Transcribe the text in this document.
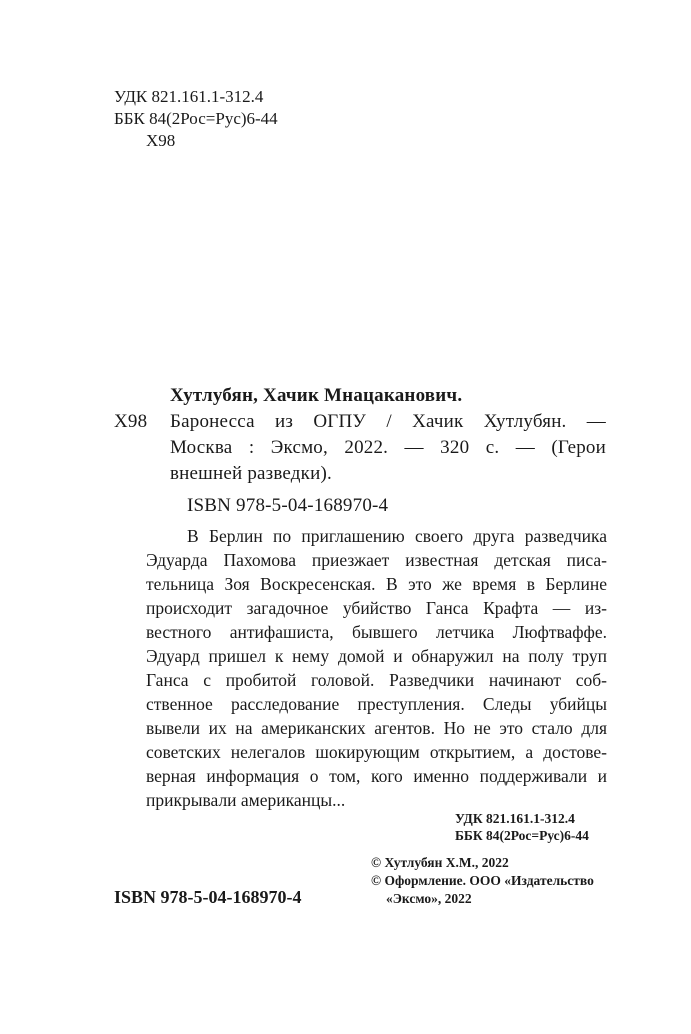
УДК 821.161.1-312.4
ББК 84(2Рос=Рус)6-44
Х98
Хутлубян, Хачик Мнацаканович.
Х98 Баронесса из ОГПУ / Хачик Хутлубян. —
Москва : Эксмо, 2022. — 320 с. — (Герои
внешней разведки).
ISBN 978-5-04-168970-4
В Берлин по приглашению своего друга разведчика
Эдуарда Пахомова приезжает известная детская писа-
тельница Зоя Воскресенская. В это же время в Берлине
происходит загадочное убийство Ганса Крафта — из-
вестного антифашиста, бывшего летчика Люфтваффе.
Эдуард пришел к нему домой и обнаружил на полу труп
Ганса с пробитой головой. Разведчики начинают соб-
ственное расследование преступления. Следы убийцы
вывели их на американских агентов. Но не это стало для
советских нелегалов шокирующим открытием, а достове-
верная информация о том, кого именно поддерживали и
прикрывали американцы...
УДК 821.161.1-312.4
ББК 84(2Рос=Рус)6-44
ISBN 978-5-04-168970-4
© Хутлубян Х.М., 2022
© Оформление. ООО «Издательство
«Эксмо», 2022
